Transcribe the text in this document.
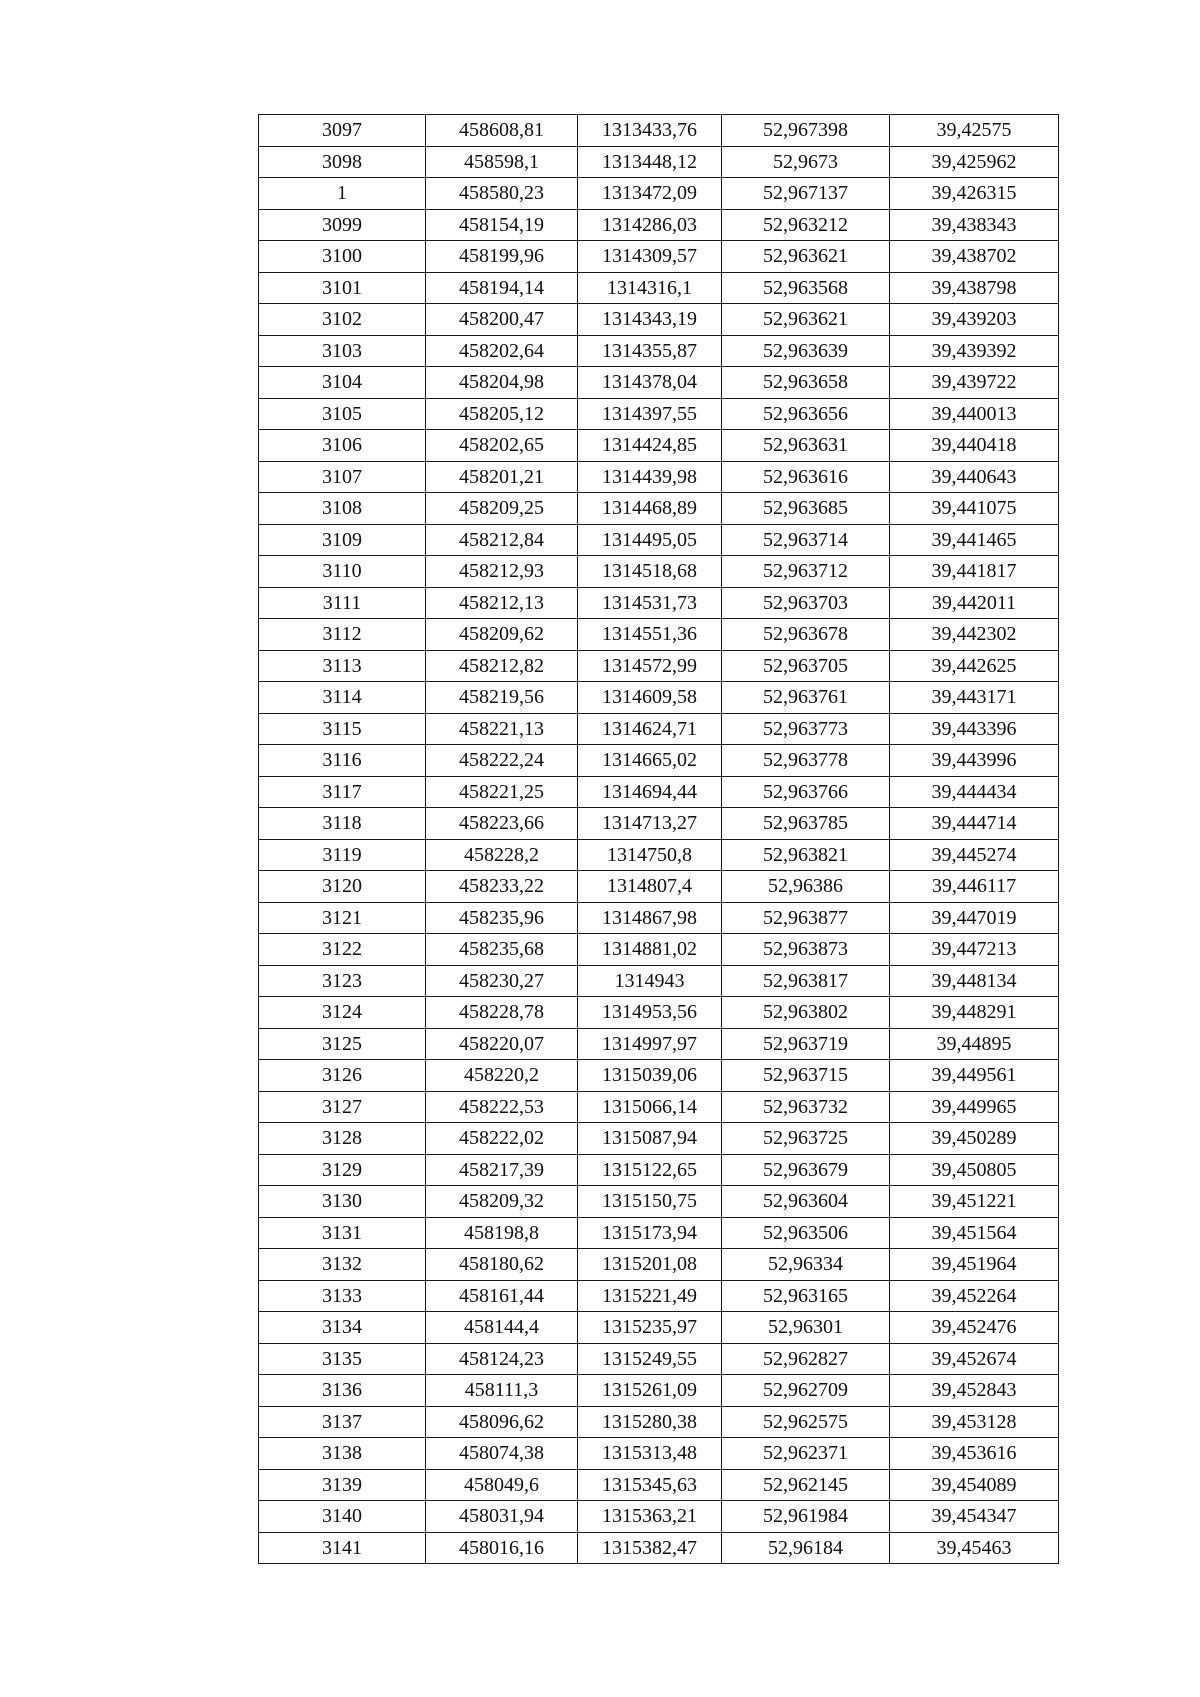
3097	458608,81	1313433,76	52,967398	39,42575
3098	458598,1	1313448,12	52,9673	39,425962
1	458580,23	1313472,09	52,967137	39,426315
3099	458154,19	1314286,03	52,963212	39,438343
3100	458199,96	1314309,57	52,963621	39,438702
3101	458194,14	1314316,1	52,963568	39,438798
3102	458200,47	1314343,19	52,963621	39,439203
3103	458202,64	1314355,87	52,963639	39,439392
3104	458204,98	1314378,04	52,963658	39,439722
3105	458205,12	1314397,55	52,963656	39,440013
3106	458202,65	1314424,85	52,963631	39,440418
3107	458201,21	1314439,98	52,963616	39,440643
3108	458209,25	1314468,89	52,963685	39,441075
3109	458212,84	1314495,05	52,963714	39,441465
3110	458212,93	1314518,68	52,963712	39,441817
3111	458212,13	1314531,73	52,963703	39,442011
3112	458209,62	1314551,36	52,963678	39,442302
3113	458212,82	1314572,99	52,963705	39,442625
3114	458219,56	1314609,58	52,963761	39,443171
3115	458221,13	1314624,71	52,963773	39,443396
3116	458222,24	1314665,02	52,963778	39,443996
3117	458221,25	1314694,44	52,963766	39,444434
3118	458223,66	1314713,27	52,963785	39,444714
3119	458228,2	1314750,8	52,963821	39,445274
3120	458233,22	1314807,4	52,96386	39,446117
3121	458235,96	1314867,98	52,963877	39,447019
3122	458235,68	1314881,02	52,963873	39,447213
3123	458230,27	1314943	52,963817	39,448134
3124	458228,78	1314953,56	52,963802	39,448291
3125	458220,07	1314997,97	52,963719	39,44895
3126	458220,2	1315039,06	52,963715	39,449561
3127	458222,53	1315066,14	52,963732	39,449965
3128	458222,02	1315087,94	52,963725	39,450289
3129	458217,39	1315122,65	52,963679	39,450805
3130	458209,32	1315150,75	52,963604	39,451221
3131	458198,8	1315173,94	52,963506	39,451564
3132	458180,62	1315201,08	52,96334	39,451964
3133	458161,44	1315221,49	52,963165	39,452264
3134	458144,4	1315235,97	52,96301	39,452476
3135	458124,23	1315249,55	52,962827	39,452674
3136	458111,3	1315261,09	52,962709	39,452843
3137	458096,62	1315280,38	52,962575	39,453128
3138	458074,38	1315313,48	52,962371	39,453616
3139	458049,6	1315345,63	52,962145	39,454089
3140	458031,94	1315363,21	52,961984	39,454347
3141	458016,16	1315382,47	52,96184	39,45463
